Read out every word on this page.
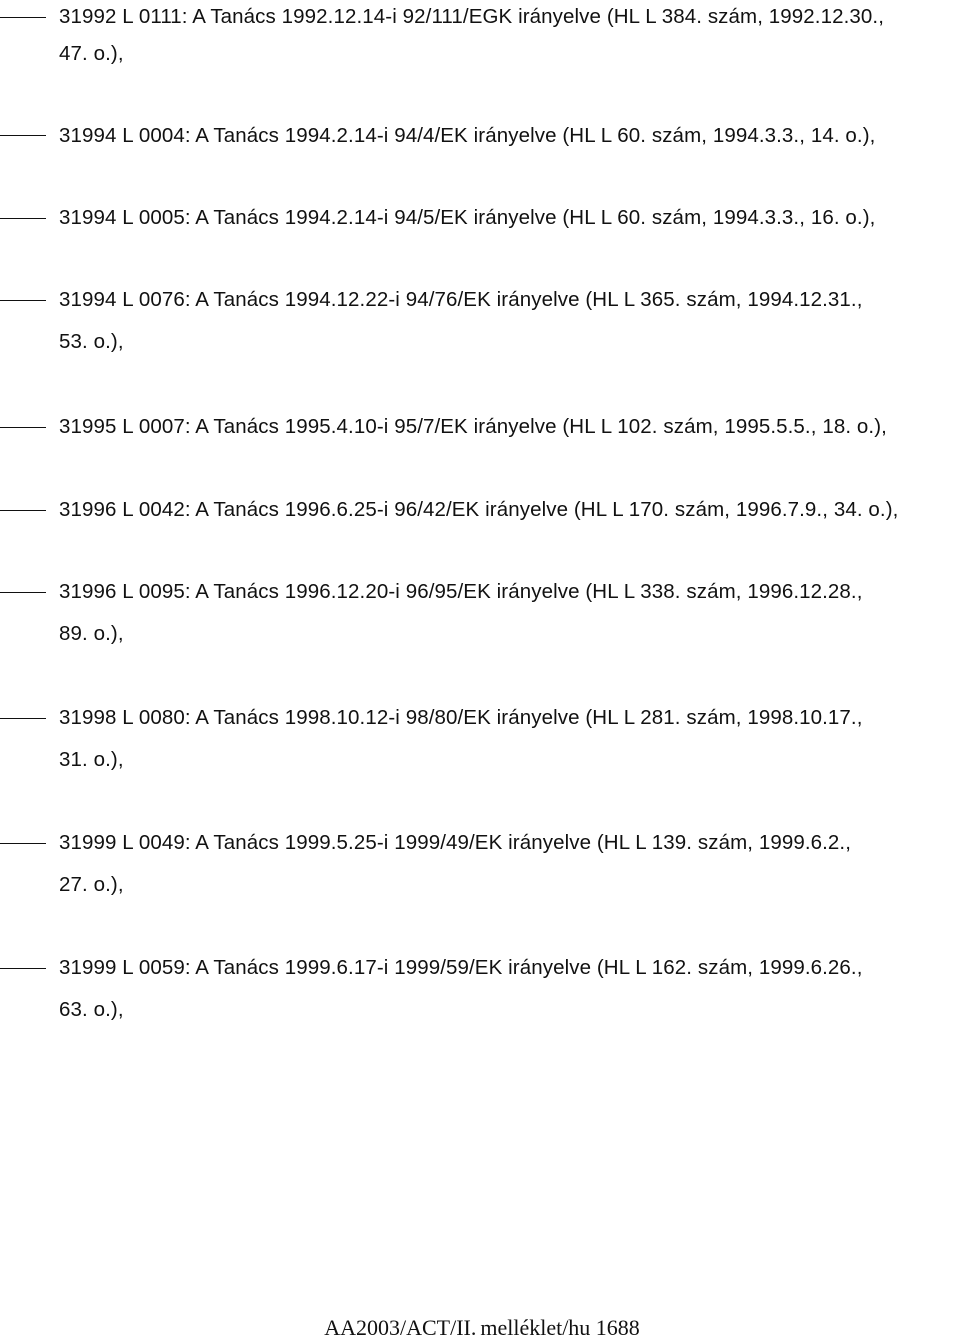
31992 L 0111: A Tanács 1992.12.14-i 92/111/EGK irányelve (HL L 384. szám, 1992.12.30.,
47. o.),
31994 L 0004: A Tanács 1994.2.14-i 94/4/EK irányelve (HL L 60. szám, 1994.3.3., 14. o.),
31994 L 0005: A Tanács 1994.2.14-i 94/5/EK irányelve (HL L 60. szám, 1994.3.3., 16. o.),
31994 L 0076: A Tanács 1994.12.22-i 94/76/EK irányelve (HL L 365. szám, 1994.12.31.,
53. o.),
31995 L 0007: A Tanács 1995.4.10-i 95/7/EK irányelve (HL L 102. szám, 1995.5.5., 18. o.),
31996 L 0042: A Tanács 1996.6.25-i 96/42/EK irányelve (HL L 170. szám, 1996.7.9., 34. o.),
31996 L 0095: A Tanács 1996.12.20-i 96/95/EK irányelve (HL L 338. szám, 1996.12.28.,
89. o.),
31998 L 0080: A Tanács 1998.10.12-i 98/80/EK irányelve (HL L 281. szám, 1998.10.17.,
31. o.),
31999 L 0049: A Tanács 1999.5.25-i 1999/49/EK irányelve (HL L 139. szám, 1999.6.2.,
27. o.),
31999 L 0059: A Tanács 1999.6.17-i 1999/59/EK irányelve (HL L 162. szám, 1999.6.26.,
63. o.),
AA2003/ACT/II. melléklet/hu 1688
